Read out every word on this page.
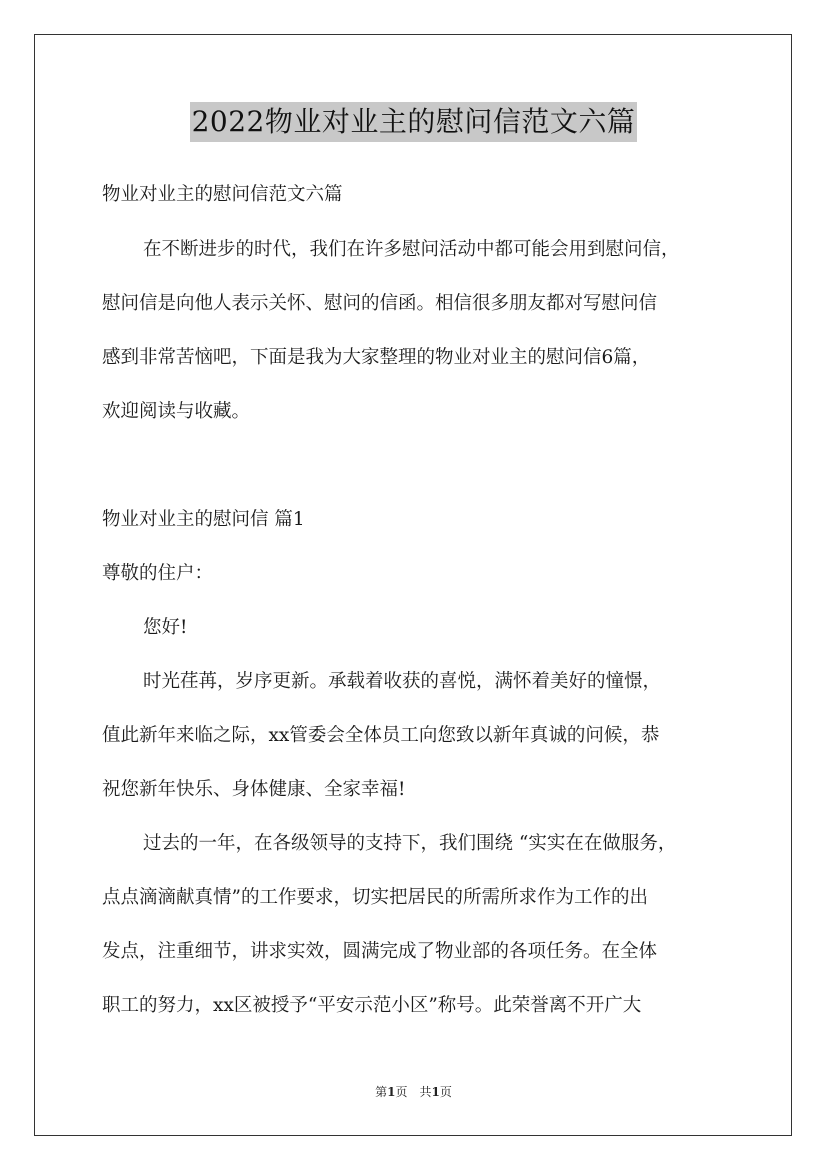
2022物业对业主的慰问信范文六篇
物业对业主的慰问信范文六篇
在不断进步的时代，我们在许多慰问活动中都可能会用到慰问信，
慰问信是向他人表示关怀、慰问的信函。相信很多朋友都对写慰问信
感到非常苦恼吧，下面是我为大家整理的物业对业主的慰问信6篇，
欢迎阅读与收藏。
物业对业主的慰问信 篇1
尊敬的住户：
您好!
时光荏苒，岁序更新。承载着收获的喜悦，满怀着美好的憧憬，
值此新年来临之际，xx管委会全体员工向您致以新年真诚的问候，恭
祝您新年快乐、身体健康、全家幸福!
过去的一年，在各级领导的支持下，我们围绕 “实实在在做服务，
点点滴滴献真情”的工作要求，切实把居民的所需所求作为工作的出
发点，注重细节，讲求实效，圆满完成了物业部的各项任务。在全体
职工的努力，xx区被授予“平安示范小区”称号。此荣誉离不开广大
第1页　共1页
